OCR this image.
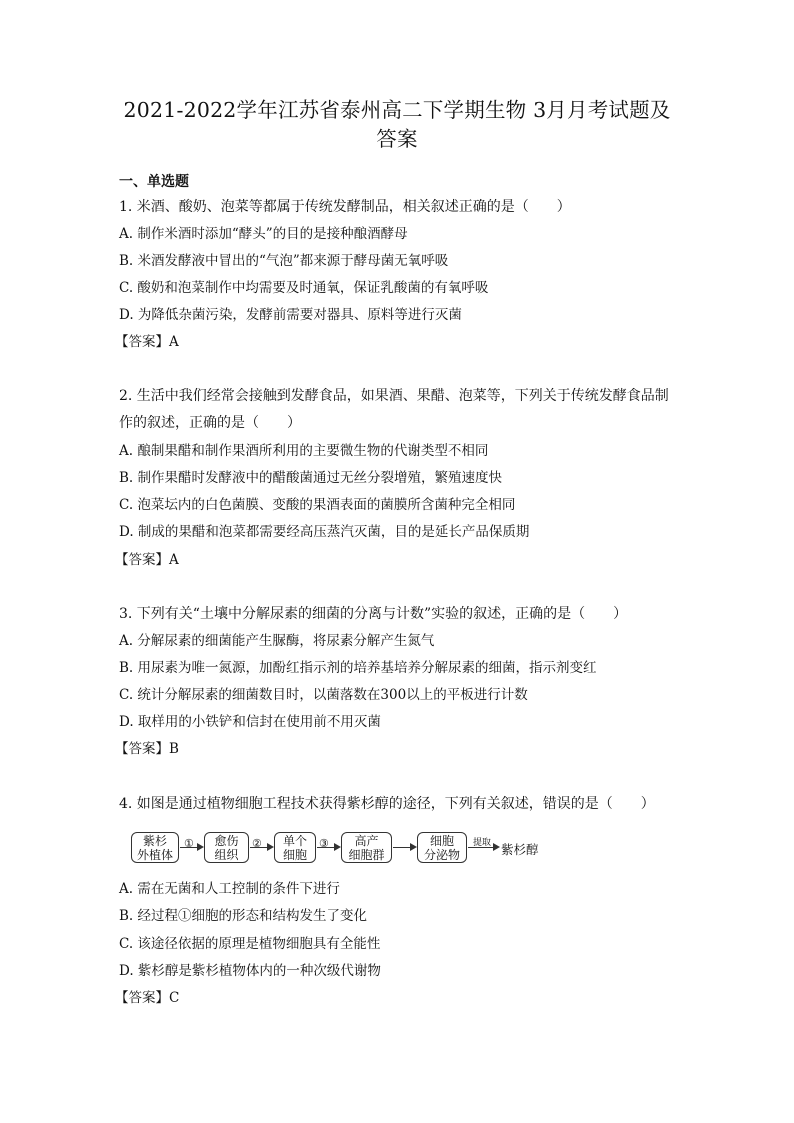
2021-2022学年江苏省泰州高二下学期生物 3月月考试题及
答案
一、单选题
1. 米酒、酸奶、泡菜等都属于传统发酵制品，相关叙述正确的是（　　）
A. 制作米酒时添加“酵头”的目的是接种酿酒酵母
B. 米酒发酵液中冒出的“气泡”都来源于酵母菌无氧呼吸
C. 酸奶和泡菜制作中均需要及时通氧，保证乳酸菌的有氧呼吸
D. 为降低杂菌污染，发酵前需要对器具、原料等进行灭菌
【答案】A
2. 生活中我们经常会接触到发酵食品，如果酒、果醋、泡菜等，下列关于传统发酵食品制
作的叙述，正确的是（　　）
A. 酿制果醋和制作果酒所利用的主要微生物的代谢类型不相同
B. 制作果醋时发酵液中的醋酸菌通过无丝分裂增殖，繁殖速度快
C. 泡菜坛内的白色菌膜、变酸的果酒表面的菌膜所含菌种完全相同
D. 制成的果醋和泡菜都需要经高压蒸汽灭菌，目的是延长产品保质期
【答案】A
3. 下列有关“土壤中分解尿素的细菌的分离与计数”实验的叙述，正确的是（　　）
A. 分解尿素的细菌能产生脲酶，将尿素分解产生氮气
B. 用尿素为唯一氮源，加酚红指示剂的培养基培养分解尿素的细菌，指示剂变红
C. 统计分解尿素的细菌数目时，以菌落数在300以上的平板进行计数
D. 取样用的小铁铲和信封在使用前不用灭菌
【答案】B
4. 如图是通过植物细胞工程技术获得紫杉醇的途径，下列有关叙述，错误的是（　　）
紫杉
外植体
① 愈伤
组织
② 单个
细胞
③ 高产
细胞群
细胞
分泌物
提取 紫杉醇
A. 需在无菌和人工控制的条件下进行
B. 经过程①细胞的形态和结构发生了变化
C. 该途径依据的原理是植物细胞具有全能性
D. 紫杉醇是紫杉植物体内的一种次级代谢物
【答案】C
